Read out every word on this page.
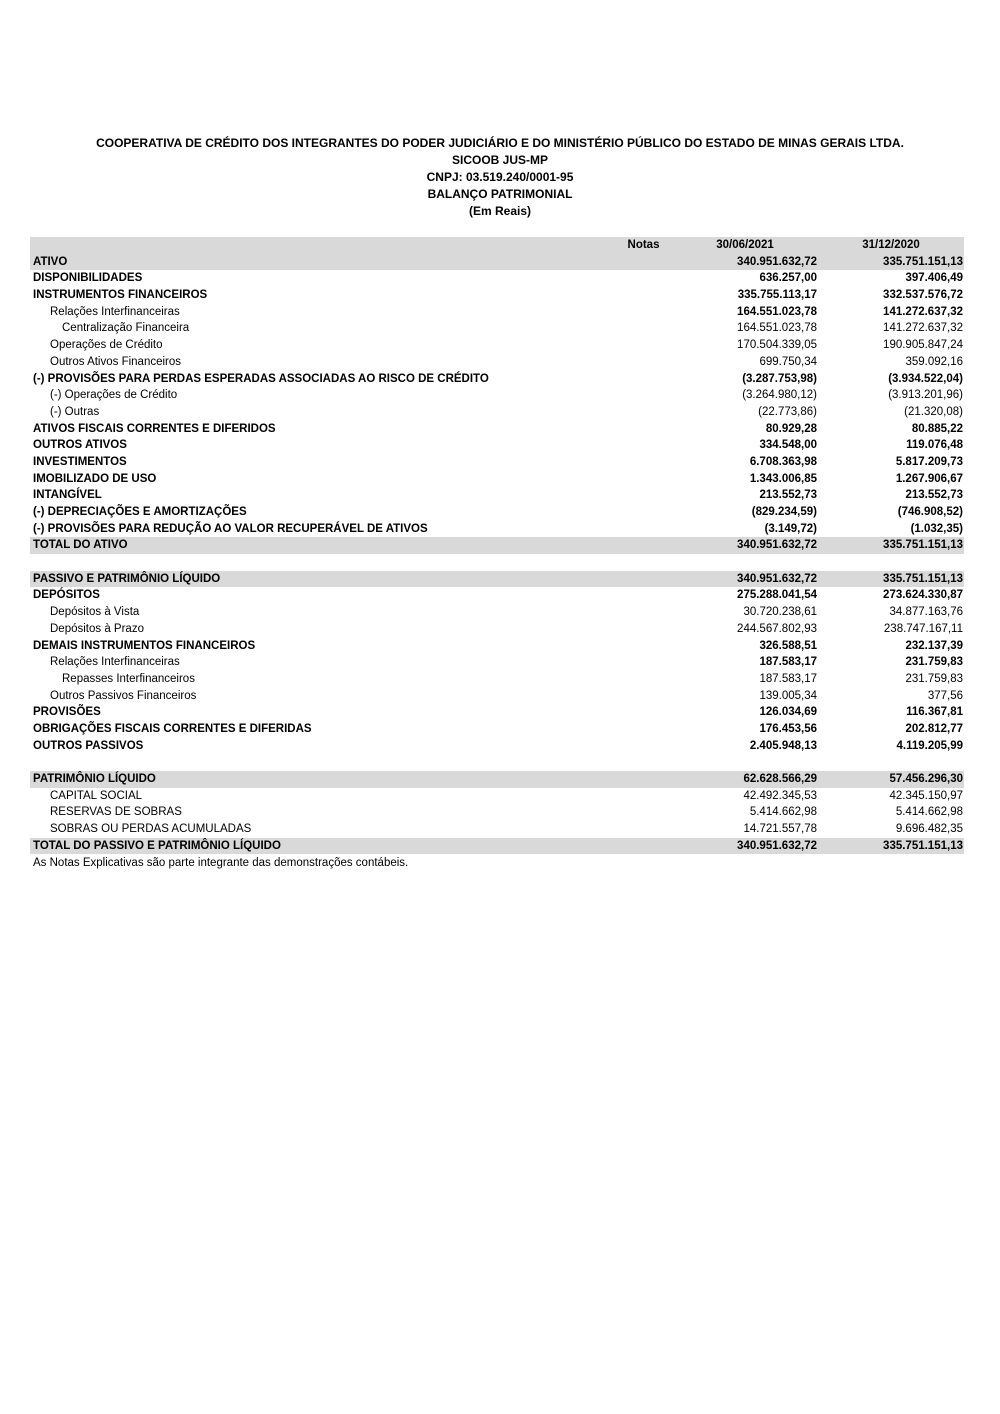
COOPERATIVA DE CRÉDITO DOS INTEGRANTES DO PODER JUDICIÁRIO E DO MINISTÉRIO PÚBLICO DO ESTADO DE MINAS GERAIS LTDA.
SICOOB JUS-MP
CNPJ: 03.519.240/0001-95
BALANÇO PATRIMONIAL
(Em Reais)
Notas	30/06/2021	31/12/2020
ATIVO	340.951.632,72	335.751.151,13
DISPONIBILIDADES	636.257,00	397.406,49
INSTRUMENTOS FINANCEIROS	335.755.113,17	332.537.576,72
Relações Interfinanceiras	164.551.023,78	141.272.637,32
Centralização Financeira	164.551.023,78	141.272.637,32
Operações de Crédito	170.504.339,05	190.905.847,24
Outros Ativos Financeiros	699.750,34	359.092,16
(-) PROVISÕES PARA PERDAS ESPERADAS ASSOCIADAS AO RISCO DE CRÉDITO	(3.287.753,98)	(3.934.522,04)
(-) Operações de Crédito	(3.264.980,12)	(3.913.201,96)
(-) Outras	(22.773,86)	(21.320,08)
ATIVOS FISCAIS CORRENTES E DIFERIDOS	80.929,28	80.885,22
OUTROS ATIVOS	334.548,00	119.076,48
INVESTIMENTOS	6.708.363,98	5.817.209,73
IMOBILIZADO DE USO	1.343.006,85	1.267.906,67
INTANGÍVEL	213.552,73	213.552,73
(-) DEPRECIAÇÕES E AMORTIZAÇÕES	(829.234,59)	(746.908,52)
(-) PROVISÕES PARA REDUÇÃO AO VALOR RECUPERÁVEL DE ATIVOS	(3.149,72)	(1.032,35)
TOTAL DO ATIVO	340.951.632,72	335.751.151,13
PASSIVO E PATRIMÔNIO LÍQUIDO	340.951.632,72	335.751.151,13
DEPÓSITOS	275.288.041,54	273.624.330,87
Depósitos à Vista	30.720.238,61	34.877.163,76
Depósitos à Prazo	244.567.802,93	238.747.167,11
DEMAIS INSTRUMENTOS FINANCEIROS	326.588,51	232.137,39
Relações Interfinanceiras	187.583,17	231.759,83
Repasses Interfinanceiros	187.583,17	231.759,83
Outros Passivos Financeiros	139.005,34	377,56
PROVISÕES	126.034,69	116.367,81
OBRIGAÇÕES FISCAIS CORRENTES E DIFERIDAS	176.453,56	202.812,77
OUTROS PASSIVOS	2.405.948,13	4.119.205,99
PATRIMÔNIO LÍQUIDO	62.628.566,29	57.456.296,30
CAPITAL SOCIAL	42.492.345,53	42.345.150,97
RESERVAS DE SOBRAS	5.414.662,98	5.414.662,98
SOBRAS OU PERDAS ACUMULADAS	14.721.557,78	9.696.482,35
TOTAL DO PASSIVO E PATRIMÔNIO LÍQUIDO	340.951.632,72	335.751.151,13
As Notas Explicativas são parte integrante das demonstrações contábeis.
